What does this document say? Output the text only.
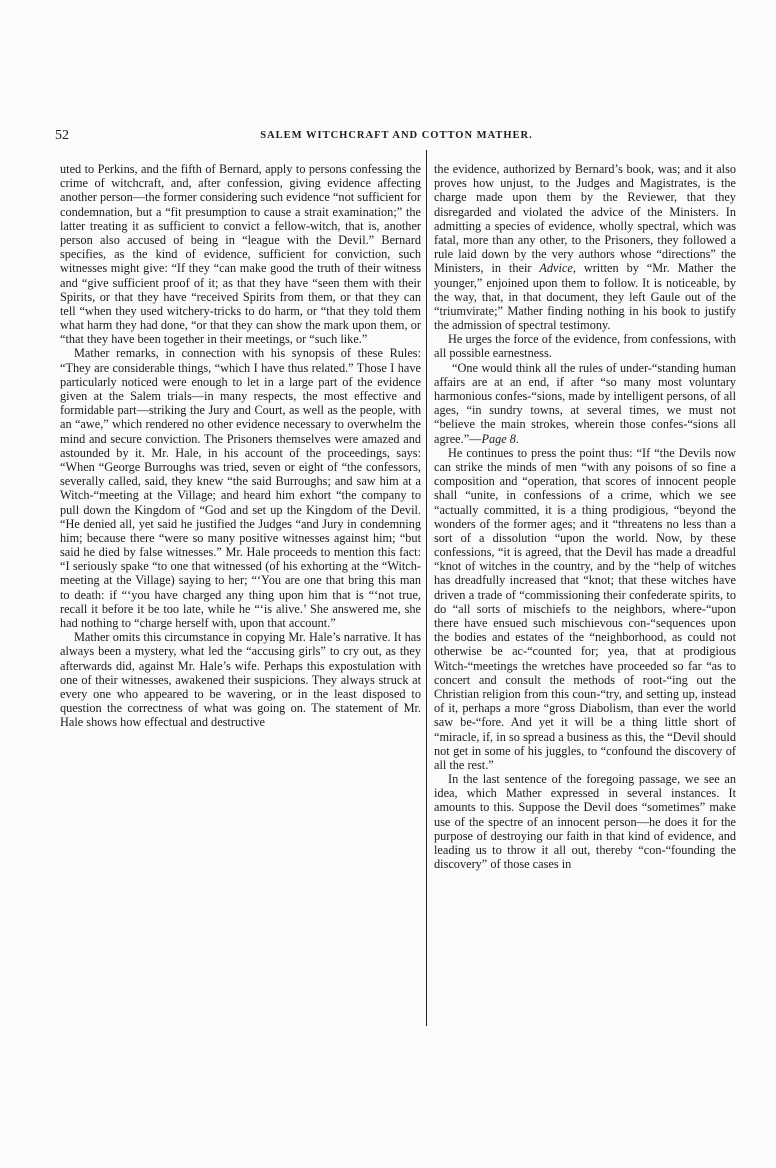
52	SALEM WITCHCRAFT AND COTTON MATHER.

uted to Perkins, and the fifth of Bernard, apply to persons confessing the crime of witchcraft, and, after confession, giving evidence affecting another person—the former considering such evidence “not sufficient for condemnation, but a “fit presumption to cause a strait examination;” the latter treating it as sufficient to convict a fellow-witch, that is, another person also accused of being in “league with the Devil.” Bernard specifies, as the kind of evidence, sufficient for conviction, such witnesses might give: “If they “can make good the truth of their witness and “give sufficient proof of it; as that they have “seen them with their Spirits, or that they have “received Spirits from them, or that they can tell “when they used witchery-tricks to do harm, or “that they told them what harm they had done, “or that they can show the mark upon them, or “that they have been together in their meetings, or “such like.”

Mather remarks, in connection with his synopsis of these Rules: “They are considerable things, “which I have thus related.” Those I have particularly noticed were enough to let in a large part of the evidence given at the Salem trials—in many respects, the most effective and formidable part—striking the Jury and Court, as well as the people, with an “awe,” which rendered no other evidence necessary to overwhelm the mind and secure conviction. The Prisoners themselves were amazed and astounded by it. Mr. Hale, in his account of the proceedings, says: “When “George Burroughs was tried, seven or eight of “the confessors, severally called, said, they knew “the said Burroughs; and saw him at a Witch-“meeting at the Village; and heard him exhort “the company to pull down the Kingdom of “God and set up the Kingdom of the Devil. “He denied all, yet said he justified the Judges “and Jury in condemning him; because there “were so many positive witnesses against him; “but said he died by false witnesses.” Mr. Hale proceeds to mention this fact: “I seriously spake “to one that witnessed (of his exhorting at the “Witch-meeting at the Village) saying to her; “‘You are one that bring this man to death: if “‘you have charged any thing upon him that is “‘not true, recall it before it be too late, while he “‘is alive.’ She answered me, she had nothing to “charge herself with, upon that account.”

Mather omits this circumstance in copying Mr. Hale’s narrative. It has always been a mystery, what led the “accusing girls” to cry out, as they afterwards did, against Mr. Hale’s wife. Perhaps this expostulation with one of their witnesses, awakened their suspicions. They always struck at every one who appeared to be wavering, or in the least disposed to question the correctness of what was going on. The statement of Mr. Hale shows how effectual and destructive

the evidence, authorized by Bernard’s book, was; and it also proves how unjust, to the Judges and Magistrates, is the charge made upon them by the Reviewer, that they disregarded and violated the advice of the Ministers. In admitting a species of evidence, wholly spectral, which was fatal, more than any other, to the Prisoners, they followed a rule laid down by the very authors whose “directions” the Ministers, in their Advice, written by “Mr. Mather the younger,” enjoined upon them to follow. It is noticeable, by the way, that, in that document, they left Gaule out of the “triumvirate;” Mather finding nothing in his book to justify the admission of spectral testimony.

He urges the force of the evidence, from confessions, with all possible earnestness.

“One would think all the rules of under-“standing human affairs are at an end, if after “so many most voluntary harmonious confes-“sions, made by intelligent persons, of all ages, “in sundry towns, at several times, we must not “believe the main strokes, wherein those confes-“sions all agree.”—Page 8.

He continues to press the point thus: “If “the Devils now can strike the minds of men “with any poisons of so fine a composition and “operation, that scores of innocent people shall “unite, in confessions of a crime, which we see “actually committed, it is a thing prodigious, “beyond the wonders of the former ages; and it “threatens no less than a sort of a dissolution “upon the world. Now, by these confessions, “it is agreed, that the Devil has made a dreadful “knot of witches in the country, and by the “help of witches has dreadfully increased that “knot; that these witches have driven a trade of “commissioning their confederate spirits, to do “all sorts of mischiefs to the neighbors, where-“upon there have ensued such mischievous con-“sequences upon the bodies and estates of the “neighborhood, as could not otherwise be ac-“counted for; yea, that at prodigious Witch-“meetings the wretches have proceeded so far “as to concert and consult the methods of root-“ing out the Christian religion from this coun-“try, and setting up, instead of it, perhaps a more “gross Diabolism, than ever the world saw be-“fore. And yet it will be a thing little short of “miracle, if, in so spread a business as this, the “Devil should not get in some of his juggles, to “confound the discovery of all the rest.”

In the last sentence of the foregoing passage, we see an idea, which Mather expressed in several instances. It amounts to this. Suppose the Devil does “sometimes” make use of the spectre of an innocent person—he does it for the purpose of destroying our faith in that kind of evidence, and leading us to throw it all out, thereby “con-“founding the discovery” of those cases in
